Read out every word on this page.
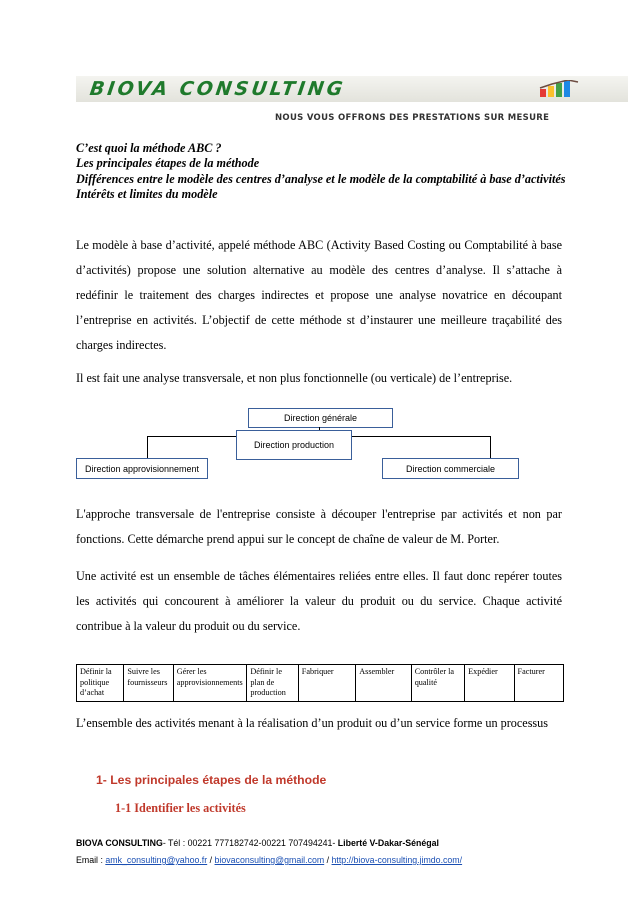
BIOVA CONSULTING
NOUS VOUS OFFRONS DES PRESTATIONS SUR MESURE
C’est quoi la méthode ABC ?
Les principales étapes de la méthode
Différences entre le modèle des centres d’analyse et le modèle de la comptabilité à base d’activités
Intérêts et limites du modèle
Le modèle à base d’activité, appelé méthode ABC (Activity Based Costing ou Comptabilité à base d’activités) propose une solution alternative au modèle des centres d’analyse. Il s’attache à redéfinir le traitement des charges indirectes et propose une analyse novatrice en découpant l’entreprise en activités. L’objectif de cette méthode st d’instaurer une meilleure traçabilité des charges indirectes.
Il est fait une analyse transversale, et non plus fonctionnelle (ou verticale) de l’entreprise.
Direction générale
Direction approvisionnement
Direction production
Direction commerciale
L'approche transversale de l'entreprise consiste à découper l'entreprise par activités et non par fonctions. Cette démarche prend appui sur le concept de chaîne de valeur de M. Porter.
Une activité est un ensemble de tâches élémentaires reliées entre elles. Il faut donc repérer toutes les activités qui concourent à améliorer la valeur du produit ou du service. Chaque activité contribue à la valeur du produit ou du service.
Définir la politique d’achat	Suivre les fournisseurs	Gérer les approvisionnements	Définir le plan de production	Fabriquer	Assembler	Contrôler la qualité	Expédier	Facturer
L’ensemble des activités menant à la réalisation d’un produit ou d’un service forme un processus
1- Les principales étapes de la méthode
1-1 Identifier les activités
BIOVA CONSULTING- Tél : 00221 777182742-00221 707494241- Liberté V-Dakar-Sénégal
Email : amk_consulting@yahoo.fr / biovaconsulting@gmail.com / http://biova-consulting.jimdo.com/
